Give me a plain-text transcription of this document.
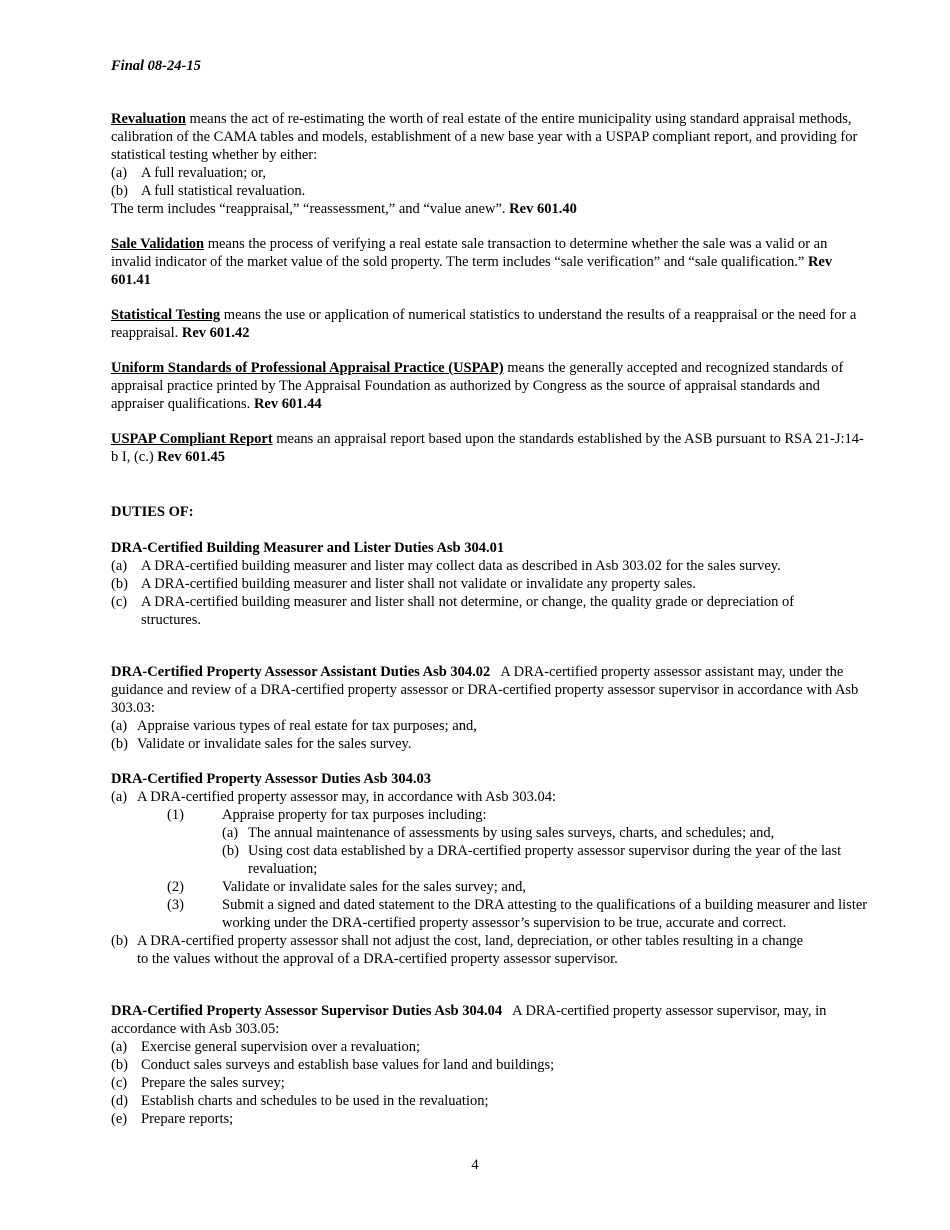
Final 08-24-15
Revaluation means the act of re-estimating the worth of real estate of the entire municipality using standard appraisal methods, calibration of the CAMA tables and models, establishment of a new base year with a USPAP compliant report, and providing for statistical testing whether by either:
(a) A full revaluation; or,
(b) A full statistical revaluation.
The term includes “reappraisal,” “reassessment,” and “value anew”. Rev 601.40
Sale Validation means the process of verifying a real estate sale transaction to determine whether the sale was a valid or an invalid indicator of the market value of the sold property. The term includes “sale verification” and “sale qualification.” Rev 601.41
Statistical Testing means the use or application of numerical statistics to understand the results of a reappraisal or the need for a reappraisal. Rev 601.42
Uniform Standards of Professional Appraisal Practice (USPAP) means the generally accepted and recognized standards of appraisal practice printed by The Appraisal Foundation as authorized by Congress as the source of appraisal standards and appraiser qualifications. Rev 601.44
USPAP Compliant Report means an appraisal report based upon the standards established by the ASB pursuant to RSA 21-J:14-b I, (c.) Rev 601.45
DUTIES OF:
DRA-Certified Building Measurer and Lister Duties Asb 304.01
(a) A DRA-certified building measurer and lister may collect data as described in Asb 303.02 for the sales survey.
(b) A DRA-certified building measurer and lister shall not validate or invalidate any property sales.
(c) A DRA-certified building measurer and lister shall not determine, or change, the quality grade or depreciation of structures.
DRA-Certified Property Assessor Assistant Duties Asb 304.02   A DRA-certified property assessor assistant may, under the guidance and review of a DRA-certified property assessor or DRA-certified property assessor supervisor in accordance with Asb 303.03:
(a) Appraise various types of real estate for tax purposes; and,
(b) Validate or invalidate sales for the sales survey.
DRA-Certified Property Assessor Duties Asb 304.03
(a) A DRA-certified property assessor may, in accordance with Asb 303.04:
(1)	Appraise property for tax purposes including:
(a) The annual maintenance of assessments by using sales surveys, charts, and schedules; and,
(b) Using cost data established by a DRA-certified property assessor supervisor during the year of the last revaluation;
(2)	Validate or invalidate sales for the sales survey; and,
(3)	Submit a signed and dated statement to the DRA attesting to the qualifications of a building measurer and lister working under the DRA-certified property assessor’s supervision to be true, accurate and correct.
(b) A DRA-certified property assessor shall not adjust the cost, land, depreciation, or other tables resulting in a change to the values without the approval of a DRA-certified property assessor supervisor.
DRA-Certified Property Assessor Supervisor Duties Asb 304.04   A DRA-certified property assessor supervisor, may, in accordance with Asb 303.05:
(a) Exercise general supervision over a revaluation;
(b) Conduct sales surveys and establish base values for land and buildings;
(c) Prepare the sales survey;
(d) Establish charts and schedules to be used in the revaluation;
(e) Prepare reports;
4
